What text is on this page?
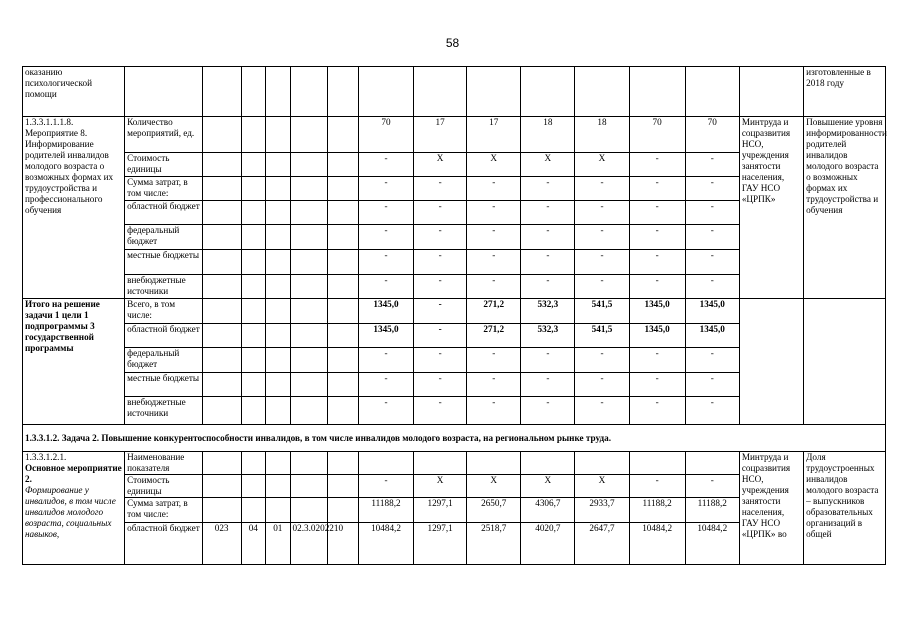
58
оказанию психологической помощи															изготовленные в 2018 году
1.3.3.1.1.1.8.
Мероприятие 8.
Информирование родителей инвалидов молодого возраста о возможных формах их трудоустройства и профессионального обучения	Количество мероприятий, ед.						70	17	17	18	18	70	70	Минтруда и соцразвития НСО, учреждения занятости населения, ГАУ НСО «ЦРПК»	Повышение уровня информированности родителей инвалидов молодого возраста о возможных формах их трудоустройства и обучения
	Стоимость единицы						-	X	X	X	X	-	-		
	Сумма затрат, в том числе:						-	-	-	-	-	-	-		
	областной бюджет						-	-	-	-	-	-	-		
	федеральный бюджет						-	-	-	-	-	-	-		
	местные бюджеты						-	-	-	-	-	-	-		
	внебюджетные источники						-	-	-	-	-	-	-		
Итого на решение задачи 1 цели 1 подпрограммы 3 государственной программы	Всего, в том числе:						1345,0	-	271,2	532,3	541,5	1345,0	1345,0		
	областной бюджет						1345,0	-	271,2	532,3	541,5	1345,0	1345,0		
	федеральный бюджет						-	-	-	-	-	-	-		
	местные бюджеты						-	-	-	-	-	-	-		
	внебюджетные источники						-	-	-	-	-	-	-		
1.3.3.1.2. Задача 2. Повышение конкурентоспособности инвалидов, в том числе инвалидов молодого возраста, на региональном рынке труда.															
1.3.3.1.2.1.
Основное мероприятие 2.
Формирование у инвалидов, в том числе инвалидов молодого возраста, социальных навыков,	Наименование показателя													Минтруда и соцразвития НСО, учреждения занятости населения, ГАУ НСО «ЦРПК» во	Доля трудоустроенных инвалидов молодого возраста – выпускников образовательных организаций в общей
	Стоимость единицы						-	X	X	X	X	-	-		
	Сумма затрат, в том числе:						11188,2	1297,1	2650,7	4306,7	2933,7	11188,2	11188,2		
	областной бюджет	023	04	01	02.3.0202210		10484,2	1297,1	2518,7	4020,7	2647,7	10484,2	10484,2		
